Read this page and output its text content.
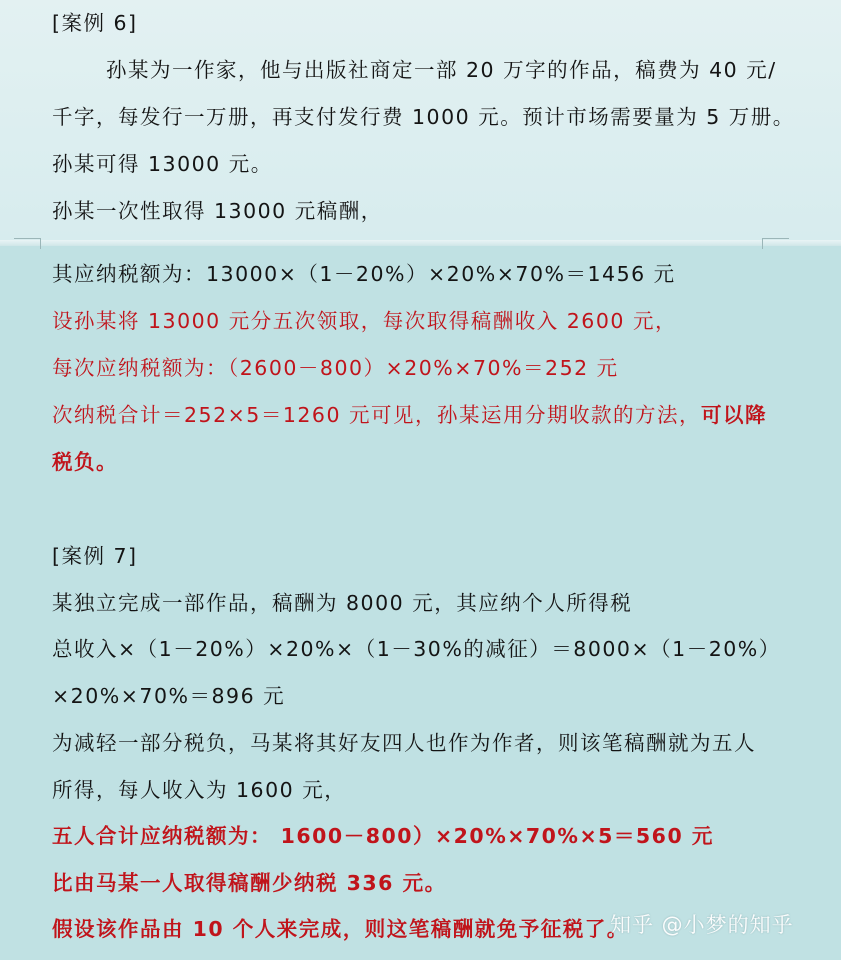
[案例 6]
孙某为一作家，他与出版社商定一部 20 万字的作品，稿费为 40 元/
千字，每发行一万册，再支付发行费 1000 元。预计市场需要量为 5 万册。
孙某可得 13000 元。
孙某一次性取得 13000 元稿酬，
其应纳税额为：13000×（1－20%）×20%×70%＝1456 元
设孙某将 13000 元分五次领取，每次取得稿酬收入 2600 元，
每次应纳税额为：（2600－800）×20%×70%＝252 元
次纳税合计＝252×5＝1260 元可见，孙某运用分期收款的方法，可以降
税负。
[案例 7]
某独立完成一部作品，稿酬为 8000 元，其应纳个人所得税
总收入×（1－20%）×20%×（1－30%的减征）＝8000×（1－20%）
×20%×70%＝896 元
为减轻一部分税负，马某将其好友四人也作为作者，则该笔稿酬就为五人
所得，每人收入为 1600 元，
五人合计应纳税额为： 1600－800）×20%×70%×5＝560 元
比由马某一人取得稿酬少纳税 336 元。
假设该作品由 10 个人来完成，则这笔稿酬就免予征税了。
知乎 @小梦的知乎
